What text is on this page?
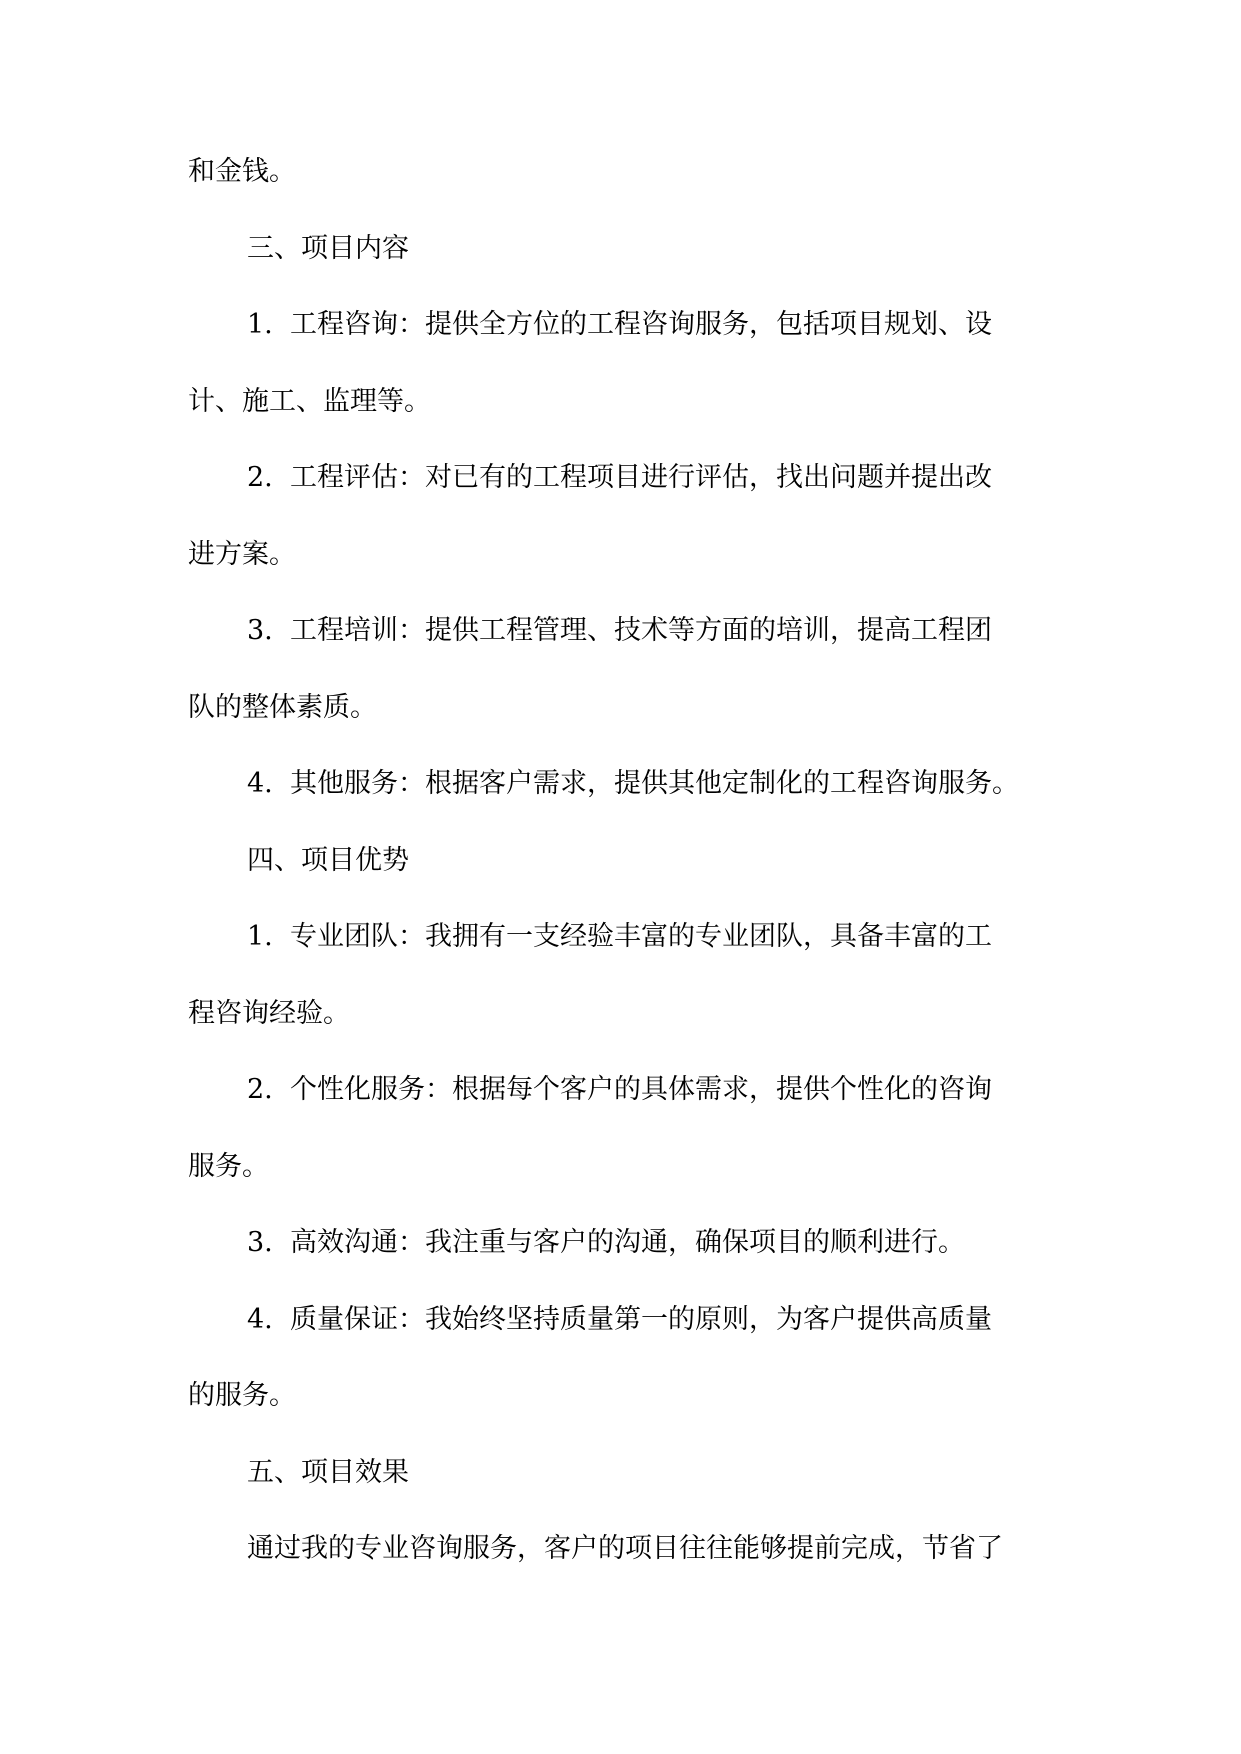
和金钱。
三、项目内容
1. 工程咨询：提供全方位的工程咨询服务，包括项目规划、设
计、施工、监理等。
2. 工程评估：对已有的工程项目进行评估，找出问题并提出改
进方案。
3. 工程培训：提供工程管理、技术等方面的培训，提高工程团
队的整体素质。
4. 其他服务：根据客户需求，提供其他定制化的工程咨询服务。
四、项目优势
1. 专业团队：我拥有一支经验丰富的专业团队，具备丰富的工
程咨询经验。
2. 个性化服务：根据每个客户的具体需求，提供个性化的咨询
服务。
3. 高效沟通：我注重与客户的沟通，确保项目的顺利进行。
4. 质量保证：我始终坚持质量第一的原则，为客户提供高质量
的服务。
五、项目效果
通过我的专业咨询服务，客户的项目往往能够提前完成，节省了
